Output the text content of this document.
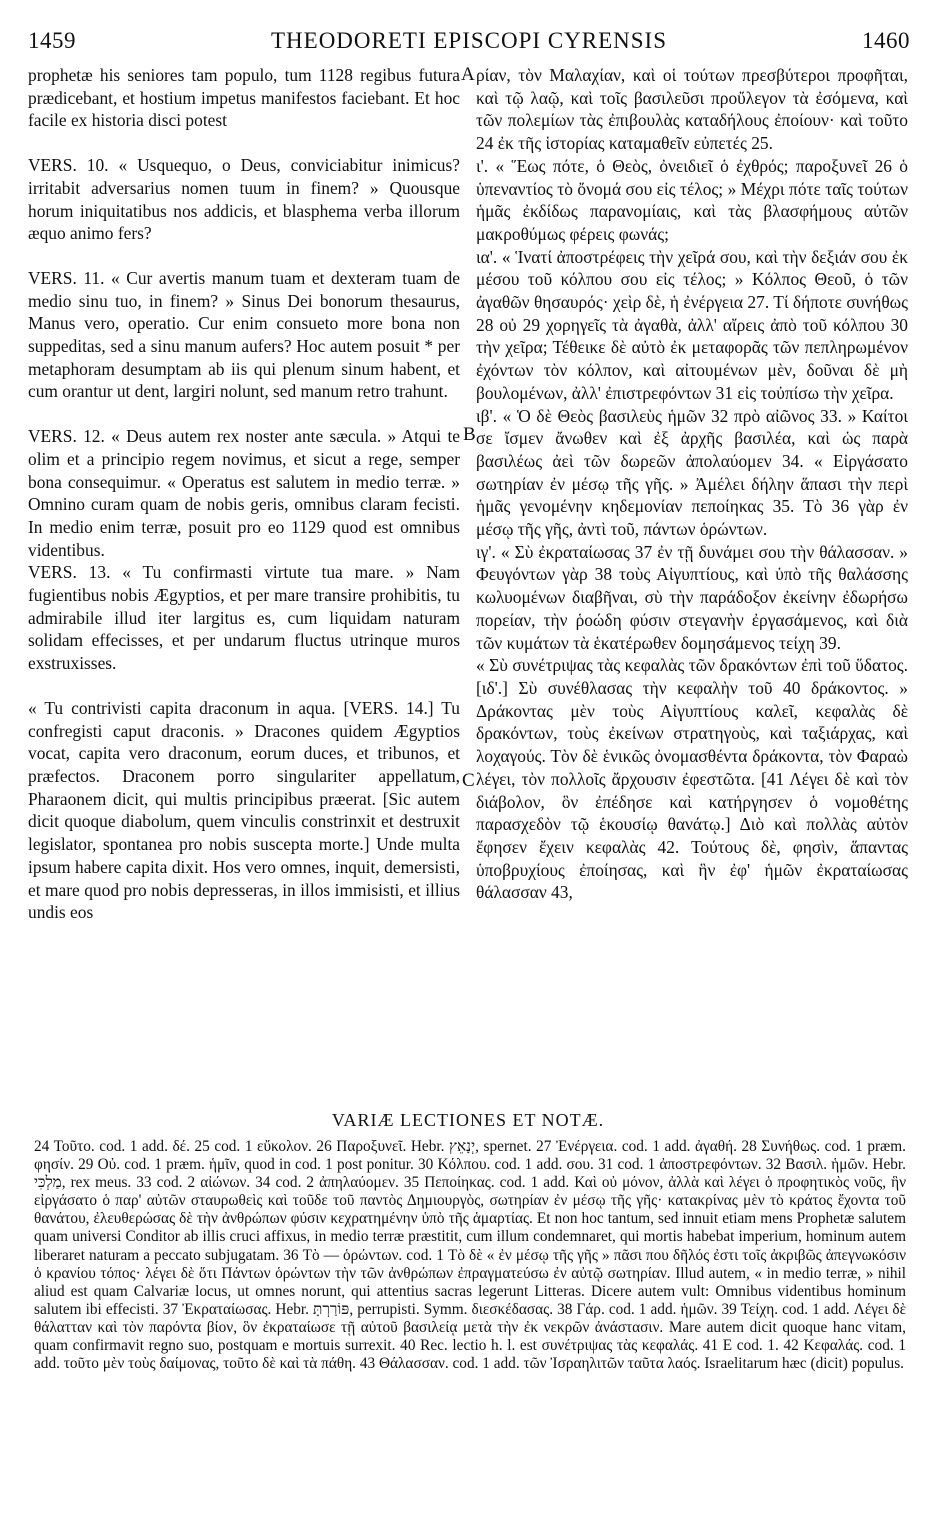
1459	THEODORETI EPISCOPI CYRENSIS	1460
A
B
C

prophetæ his seniores tam populo, tum 1128 regibus futura prædicebant, et hostium impetus manifestos faciebant. Et hoc facile ex historia disci potest

VERS. 10. « Usquequo, o Deus, conviciabitur inimicus? irritabit adversarius nomen tuum in finem? » Quousque horum iniquitatibus nos addicis, et blasphema verba illorum æquo animo fers?

VERS. 11. « Cur avertis manum tuam et dexteram tuam de medio sinu tuo, in finem? » Sinus Dei bonorum thesaurus, Manus vero, operatio. Cur enim consueto more bona non suppeditas, sed a sinu manum aufers? Hoc autem posuit * per metaphoram desumptam ab iis qui plenum sinum habent, et cum orantur ut dent, largiri nolunt, sed manum retro trahunt.

VERS. 12. « Deus autem rex noster ante sæcula. » Atqui te olim et a principio regem novimus, et sicut a rege, semper bona consequimur. « Operatus est salutem in medio terræ. » Omnino curam quam de nobis geris, omnibus claram fecisti. In medio enim terræ, posuit pro eo 1129 quod est omnibus videntibus.

VERS. 13. « Tu confirmasti virtute tua mare. » Nam fugientibus nobis Ægyptios, et per mare transire prohibitis, tu admirabile illud iter largitus es, cum liquidam naturam solidam effecisses, et per undarum fluctus utrinque muros exstruxisses.

« Tu contrivisti capita draconum in aqua. [VERS. 14.] Tu confregisti caput draconis. » Dracones quidem Ægyptios vocat, capita vero draconum, eorum duces, et tribunos, et præfectos. Draconem porro singulariter appellatum, Pharaonem dicit, qui multis principibus præerat. [Sic autem dicit quoque diabolum, quem vinculis constrinxit et destruxit legislator, spontanea pro nobis suscepta morte.] Unde multa ipsum habere capita dixit. Hos vero omnes, inquit, demersisti, et mare quod pro nobis depresseras, in illos immisisti, et illius undis eos

ρίαν, τὸν Μαλαχίαν, καὶ οἱ τούτων πρεσβύτεροι προφῆται, καὶ τῷ λαῷ, καὶ τοῖς βασιλεῦσι προὔλεγον τὰ ἐσόμενα, καὶ τῶν πολεμίων τὰς ἐπιβουλὰς καταδήλους ἐποίουν· καὶ τοῦτο 24 ἐκ τῆς ἱστορίας καταμαθεῖν εὐπετές 25.

ι'. « Ἕως πότε, ὁ Θεὸς, ὀνειδιεῖ ὁ ἐχθρός; παροξυνεῖ 26 ὁ ὑπεναντίος τὸ ὄνομά σου εἰς τέλος; » Μέχρι πότε ταῖς τούτων ἡμᾶς ἐκδίδως παρανομίαις, καὶ τὰς βλασφήμους αὐτῶν μακροθύμως φέρεις φωνάς;

ια'. « Ἱνατί ἀποστρέφεις τὴν χεῖρά σου, καὶ τὴν δεξιάν σου ἐκ μέσου τοῦ κόλπου σου εἰς τέλος; » Κόλπος Θεοῦ, ὁ τῶν ἀγαθῶν θησαυρός· χεὶρ δὲ, ἡ ἐνέργεια 27. Τί δήποτε συνήθως 28 οὐ 29 χορηγεῖς τὰ ἀγαθὰ, ἀλλ' αἴρεις ἀπὸ τοῦ κόλπου 30 τὴν χεῖρα; Τέθεικε δὲ αὐτὸ ἐκ μεταφορᾶς τῶν πεπληρωμένον ἐχόντων τὸν κόλπον, καὶ αἰτουμένων μὲν, δοῦναι δὲ μὴ βουλομένων, ἀλλ' ἐπιστρεφόντων 31 εἰς τοὐπίσω τὴν χεῖρα.

ιβ'. « Ὁ δὲ Θεὸς βασιλεὺς ἡμῶν 32 πρὸ αἰῶνος 33. » Καίτοι σε ἴσμεν ἄνωθεν καὶ ἐξ ἀρχῆς βασιλέα, καὶ ὡς παρὰ βασιλέως ἀεὶ τῶν δωρεῶν ἀπολαύομεν 34. « Εἰργάσατο σωτηρίαν ἐν μέσῳ τῆς γῆς. » Ἀμέλει δήλην ἅπασι τὴν περὶ ἡμᾶς γενομένην κηδεμονίαν πεποίηκας 35. Τὸ 36 γὰρ ἐν μέσῳ τῆς γῆς, ἀντὶ τοῦ, πάντων ὁρώντων.

ιγ'. « Σὺ ἐκραταίωσας 37 ἐν τῇ δυνάμει σου τὴν θάλασσαν. » Φευγόντων γὰρ 38 τοὺς Αἰγυπτίους, καὶ ὑπὸ τῆς θαλάσσης κωλυομένων διαβῆναι, σὺ τὴν παράδοξον ἐκείνην ἐδωρήσω πορείαν, τὴν ῥοώδη φύσιν στεγανὴν ἐργασάμενος, καὶ διὰ τῶν κυμάτων τὰ ἑκατέρωθεν δομησάμενος τείχη 39.

« Σὺ συνέτριψας τὰς κεφαλὰς τῶν δρακόντων ἐπὶ τοῦ ὕδατος. [ιδ'.] Σὺ συνέθλασας τὴν κεφαλὴν τοῦ 40 δράκοντος. » Δράκοντας μὲν τοὺς Αἰγυπτίους καλεῖ, κεφαλὰς δὲ δρακόντων, τοὺς ἐκείνων στρατηγοὺς, καὶ ταξιάρχας, καὶ λοχαγούς. Τὸν δὲ ἑνικῶς ὀνομασθέντα δράκοντα, τὸν Φαραὼ λέγει, τὸν πολλοῖς ἄρχουσιν ἐφεστῶτα. [41 Λέγει δὲ καὶ τὸν διάβολον, ὃν ἐπέδησε καὶ κατήργησεν ὁ νομοθέτης παρασχεδὸν τῷ ἑκουσίῳ θανάτῳ.] Διὸ καὶ πολλὰς αὐτὸν ἔφησεν ἔχειν κεφαλὰς 42. Τούτους δὲ, φησὶν, ἅπαντας ὑποβρυχίους ἐποίησας, καὶ ἣν ἐφ' ἡμῶν ἐκραταίωσας θάλασσαν 43,

VARIÆ LECTIONES ET NOTÆ.

24 Τοῦτο. cod. 1 add. δέ. 25 cod. 1 εὔκολον. 26 Παροξυνεῖ. Hebr. יְנָאֵץ, spernet. 27 Ἐνέργεια. cod. 1 add. ἀγαθή. 28 Συνήθως. cod. 1 præm. φησίν. 29 Οὐ. cod. 1 præm. ἡμῖν, quod in cod. 1 post ponitur. 30 Κόλπου. cod. 1 add. σου. 31 cod. 1 ἀποστρεφόντων. 32 Βασιλ. ἡμῶν. Hebr. מַלְכִּי, rex meus. 33 cod. 2 αἰώνων. 34 cod. 2 ἀπηλαύομεν. 35 Πεποίηκας. cod. 1 add. Καὶ οὐ μόνον, ἀλλὰ καὶ λέγει ὁ προφητικὸς νοῦς, ἣν εἰργάσατο ὁ παρ' αὐτῶν σταυρωθεὶς καὶ τοῦδε τοῦ παντὸς Δημιουργὸς, σωτηρίαν ἐν μέσῳ τῆς γῆς· κατακρίνας μὲν τὸ κράτος ἔχοντα τοῦ θανάτου, ἐλευθερώσας δὲ τὴν ἀνθρώπων φύσιν κεχρατημένην ὑπὸ τῆς ἁμαρτίας. Et non hoc tantum, sed innuit etiam mens Prophetæ salutem quam universi Conditor ab illis cruci affixus, in medio terræ præstitit, cum illum condemnaret, qui mortis habebat imperium, hominum autem liberaret naturam a peccato subjugatam. 36 Τὸ — ὁρώντων. cod. 1 Τὸ δὲ « ἐν μέσῳ τῆς γῆς » πᾶσι που δῆλός ἐστι τοῖς ἀκριβῶς ἀπεγνωκόσιν ὁ κρανίου τόπος· λέγει δὲ ὅτι Πάντων ὁρώντων τὴν τῶν ἀνθρώπων ἐπραγματεύσω ἐν αὐτῷ σωτηρίαν. Illud autem, « in medio terræ, » nihil aliud est quam Calvariæ locus, ut omnes norunt, qui attentius sacras legerunt Litteras. Dicere autem vult: Omnibus videntibus hominum salutem ibi effecisti. 37 Ἐκραταίωσας. Hebr. פּוֹרַרְתָּ, perrupisti. Symm. διεσκέδασας. 38 Γάρ. cod. 1 add. ἡμῶν. 39 Τείχη. cod. 1 add. Λέγει δὲ θάλατταν καὶ τὸν παρόντα βίον, ὃν ἐκραταίωσε τῇ αὐτοῦ βασιλείᾳ μετὰ τὴν ἐκ νεκρῶν ἀνάστασιν. Mare autem dicit quoque hanc vitam, quam confirmavit regno suo, postquam e mortuis surrexit. 40 Rec. lectio h. l. est συνέτριψας τὰς κεφαλάς. 41 E cod. 1. 42 Κεφαλάς. cod. 1 add. τοῦτο μὲν τοὺς δαίμονας, τοῦτο δὲ καὶ τὰ πάθη. 43 Θάλασσαν. cod. 1 add. τῶν Ἰσραηλιτῶν ταῦτα λαός. Israelitarum hæc (dicit) populus.
